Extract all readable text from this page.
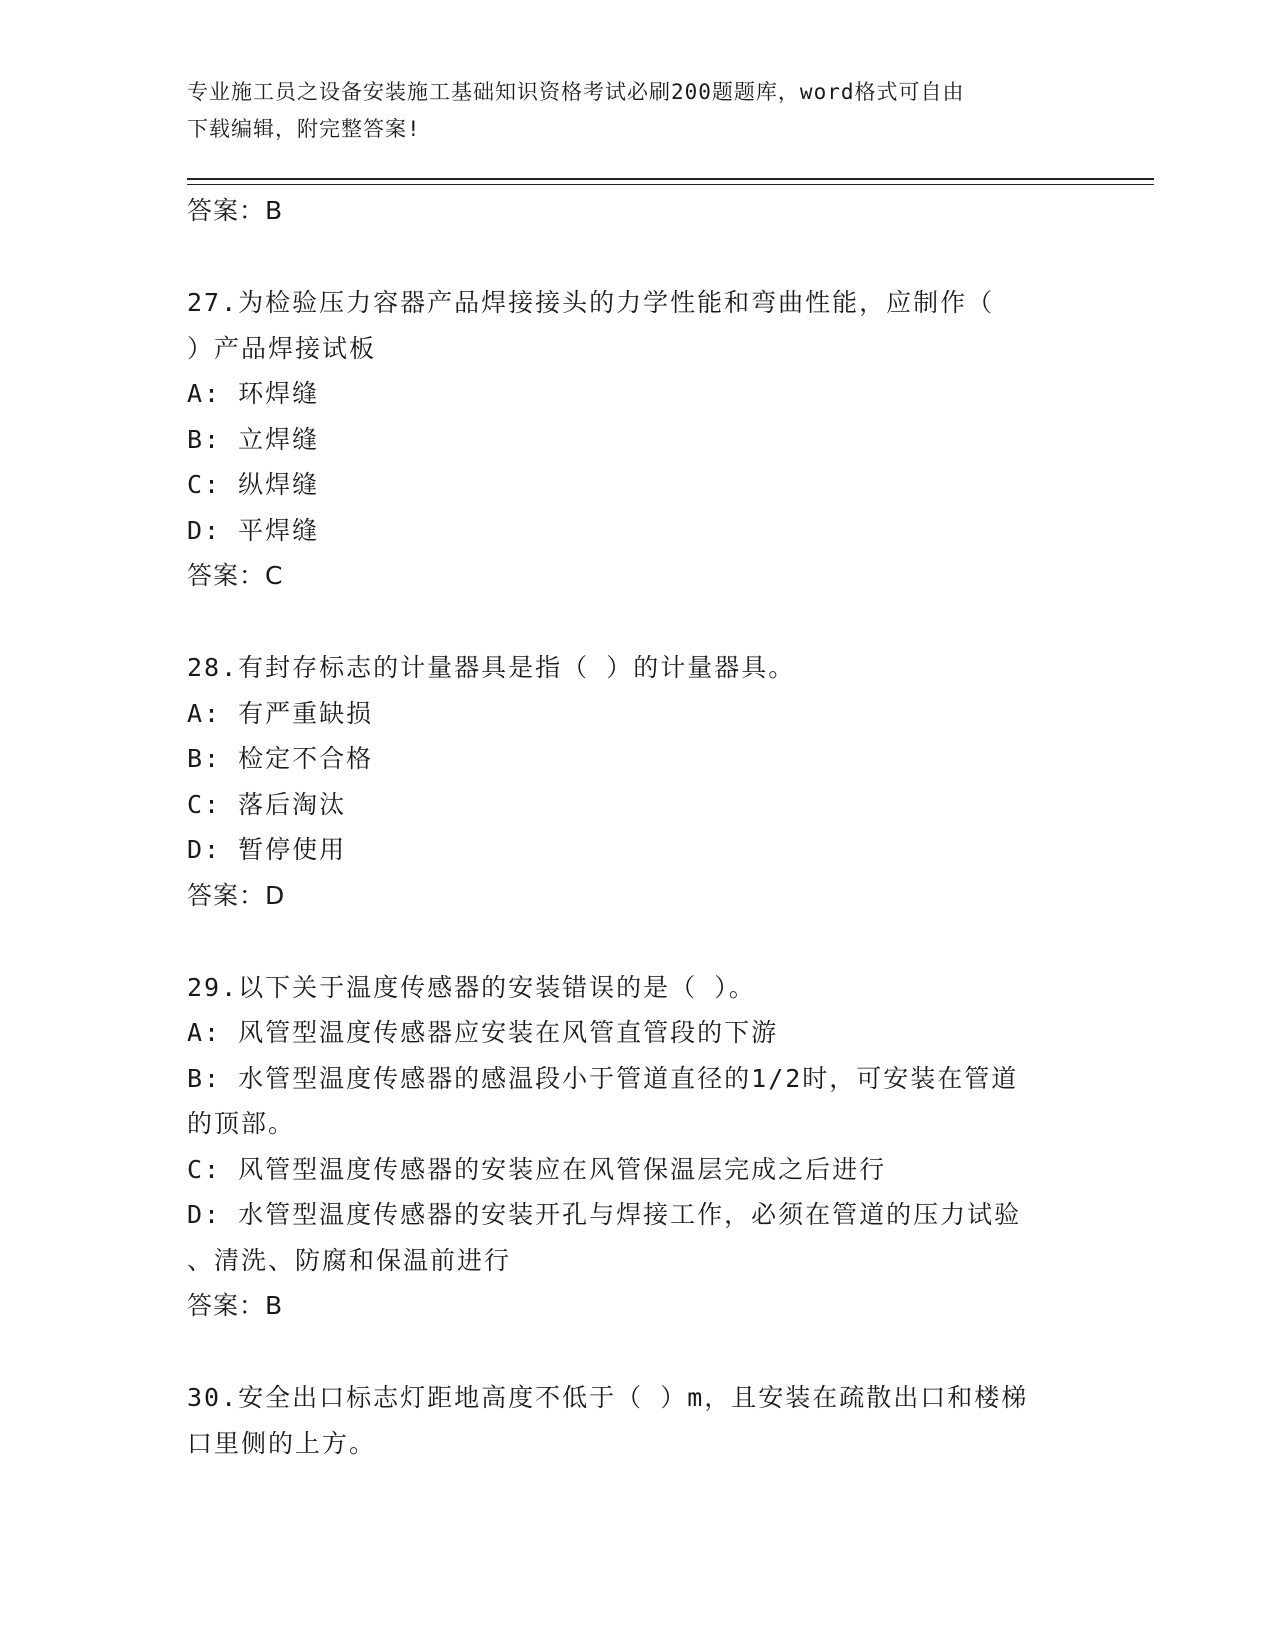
专业施工员之设备安装施工基础知识资格考试必刷200题题库，word格式可自由
下载编辑，附完整答案!
答案：B
27.为检验压力容器产品焊接接头的力学性能和弯曲性能，应制作（
）产品焊接试板
A: 环焊缝
B: 立焊缝
C: 纵焊缝
D: 平焊缝
答案：C
28.有封存标志的计量器具是指（ ）的计量器具。
A: 有严重缺损
B: 检定不合格
C: 落后淘汰
D: 暂停使用
答案：D
29.以下关于温度传感器的安装错误的是（ ）。
A: 风管型温度传感器应安装在风管直管段的下游
B: 水管型温度传感器的感温段小于管道直径的1/2时，可安装在管道
的顶部。
C: 风管型温度传感器的安装应在风管保温层完成之后进行
D: 水管型温度传感器的安装开孔与焊接工作，必须在管道的压力试验
、清洗、防腐和保温前进行
答案：B
30.安全出口标志灯距地高度不低于（ ）m，且安装在疏散出口和楼梯
口里侧的上方。
